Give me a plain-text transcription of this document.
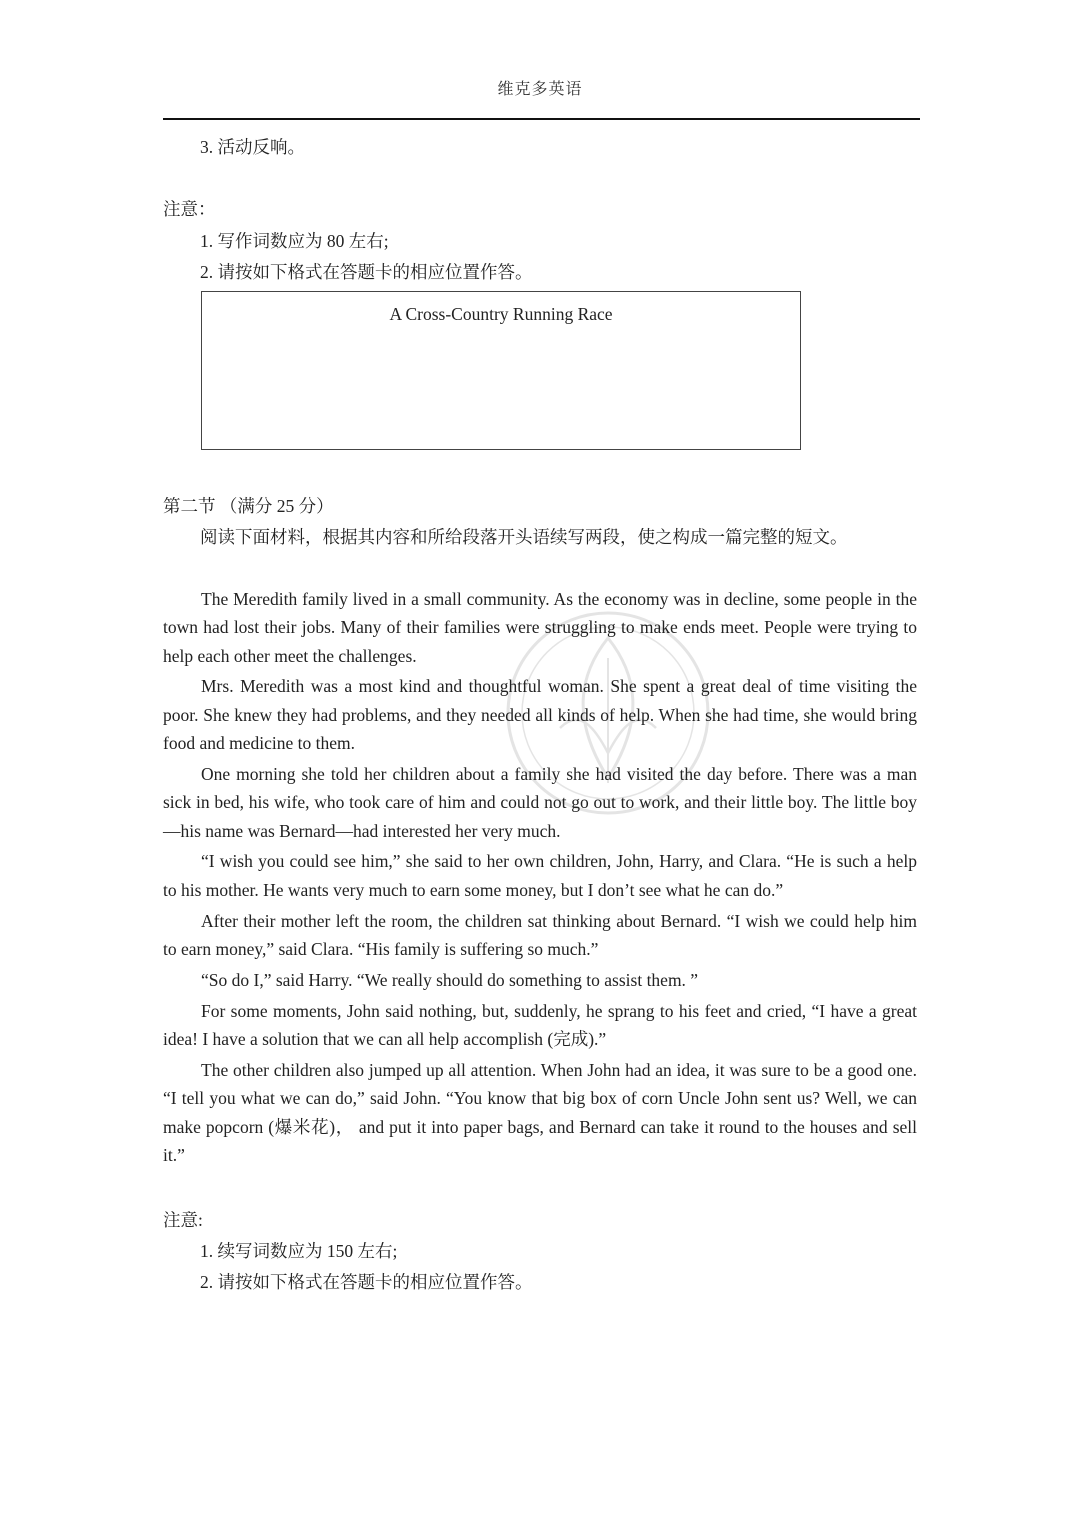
维克多英语
3. 活动反响。
注意：
1. 写作词数应为 80 左右;
2. 请按如下格式在答题卡的相应位置作答。
A Cross-Country Running Race
第二节 （满分 25 分）
阅读下面材料，根据其内容和所给段落开头语续写两段，使之构成一篇完整的短文。

The Meredith family lived in a small community. As the economy was in decline, some people in the town had lost their jobs. Many of their families were struggling to make ends meet. People were trying to help each other meet the challenges.

Mrs. Meredith was a most kind and thoughtful woman. She spent a great deal of time visiting the poor. She knew they had problems, and they needed all kinds of help. When she had time, she would bring food and medicine to them.

One morning she told her children about a family she had visited the day before. There was a man sick in bed, his wife, who took care of him and could not go out to work, and their little boy. The little boy—his name was Bernard—had interested her very much.

“I wish you could see him,” she said to her own children, John, Harry, and Clara. “He is such a help to his mother. He wants very much to earn some money, but I don’t see what he can do.”

After their mother left the room, the children sat thinking about Bernard. “I wish we could help him to earn money,” said Clara. “His family is suffering so much.”

“So do I,” said Harry. “We really should do something to assist them. ”

For some moments, John said nothing, but, suddenly, he sprang to his feet and cried, “I have a great idea! I have a solution that we can all help accomplish (完成).”

The other children also jumped up all attention. When John had an idea, it was sure to be a good one. “I tell you what we can do,” said John. “You know that big box of corn Uncle John sent us? Well, we can make popcorn (爆米花)， and put it into paper bags, and Bernard can take it round to the houses and sell it.”

注意:
1. 续写词数应为 150 左右;
2. 请按如下格式在答题卡的相应位置作答。
